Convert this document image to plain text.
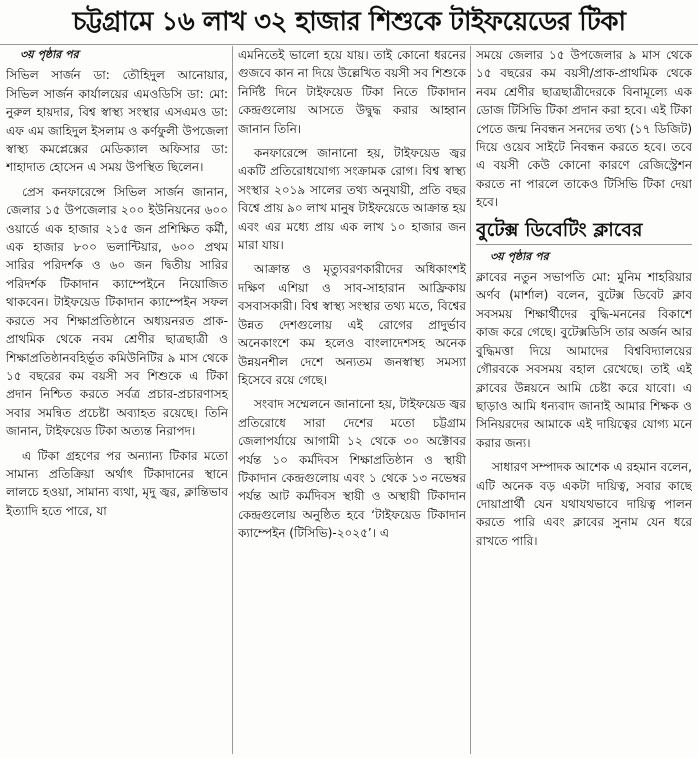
চট্টগ্রামে ১৬ লাখ ৩২ হাজার শিশুকে টাইফয়েডের টিকা
৩য় পৃষ্ঠার পর

সিভিল সার্জন ডা: তৌহিদুল আনোয়ার, সিভিল সার্জন কার্যালয়ের এমওডিসি ডা: মো: নুরুল হায়দার, বিশ্ব স্বাস্থ্য সংস্থার এসএমও ডা: এফ এম জাহিদুল ইসলাম ও কর্ণফুলী উপজেলা স্বাস্থ্য কমপ্লেক্সের মেডিক্যাল অফিসার ডা: শাহাদাত হোসেন এ সময় উপস্থিত ছিলেন।

প্রেস কনফারেন্সে সিভিল সার্জন জানান, জেলার ১৫ উপজেলার ২০০ ইউনিয়নের ৬০০ ওয়ার্ডে এক হাজার ২১৫ জন প্রশিক্ষিত কর্মী, এক হাজার ৮০০ ভলান্টিয়ার, ৬০০ প্রথম সারির পরিদর্শক ও ৬০ জন দ্বিতীয় সারির পরিদর্শক টিকাদান ক্যাম্পেইনে নিয়োজিত থাকবেন। টাইফয়েড টিকাদান ক্যাম্পেইন সফল করতে সব শিক্ষাপ্রতিষ্ঠানে অধ্যয়নরত প্রাক-প্রাথমিক থেকে নবম শ্রেণীর ছাত্রছাত্রী ও শিক্ষাপ্রতিষ্ঠানবহির্ভূত কমিউনিটির ৯ মাস থেকে ১৫ বছরের কম বয়সী সব শিশুকে এ টিকা প্রদান নিশ্চিত করতে সর্বত্র প্রচার-প্রচারণাসহ সবার সমন্বিত প্রচেষ্টা অব্যাহত রয়েছে। তিনি জানান, টাইফয়েড টিকা অত্যন্ত নিরাপদ।

এ টিকা গ্রহণের পর অন্যান্য টিকার মতো সামান্য প্রতিক্রিয়া অর্থাৎ টিকাদানের স্থানে লালচে হওয়া, সামান্য ব্যথা, মৃদু জ্বর, ক্লান্তিভাব ইত্যাদি হতে পারে, যা

এমনিতেই ভালো হয়ে যায়। তাই কোনো ধরনের গুজবে কান না দিয়ে উল্লেখিত বয়সী সব শিশুকে নির্দিষ্ট দিনে টাইফয়েড টিকা নিতে টিকাদান কেন্দ্রগুলোয় আসতে উদ্বুদ্ধ করার আহ্বান জানান তিনি।

কনফারেন্সে জানানো হয়, টাইফয়েড জ্বর একটি প্রতিরোধযোগ্য সংক্রামক রোগ। বিশ্ব স্বাস্থ্য সংস্থার ২০১৯ সালের তথ্য অনুযায়ী, প্রতি বছর বিশ্বে প্রায় ৯০ লাখ মানুষ টাইফয়েডে আক্রান্ত হয় এবং এর মধ্যে প্রায় এক লাখ ১০ হাজার জন মারা যায়।

আক্রান্ত ও মৃত্যুবরণকারীদের অধিকাংশই দক্ষিণ এশিয়া ও সাব-সাহারান আফ্রিকায় বসবাসকারী। বিশ্ব স্বাস্থ্য সংস্থার তথ্য মতে, বিশ্বের উন্নত দেশগুলোয় এই রোগের প্রাদুর্ভাব অনেকাংশে কম হলেও বাংলাদেশসহ অনেক উন্নয়নশীল দেশে অন্যতম জনস্বাস্থ্য সমস্যা হিসেবে রয়ে গেছে।

সংবাদ সম্মেলনে জানানো হয়, টাইফয়েড জ্বর প্রতিরোধে সারা দেশের মতো চট্টগ্রাম জেলাপর্যায়ে আগামী ১২ থেকে ৩০ অক্টোবর পর্যন্ত ১০ কর্মদিবস শিক্ষাপ্রতিষ্ঠান ও স্থায়ী টিকাদান কেন্দ্রগুলোয় এবং ১ থেকে ১৩ নভেম্বর পর্যন্ত আট কর্মদিবস স্থায়ী ও অস্থায়ী টিকাদান কেন্দ্রগুলোয় অনুষ্ঠিত হবে ‘টাইফয়েড টিকাদান ক্যাম্পেইন (টিসিভি)-২০২৫’। এ

সময়ে জেলার ১৫ উপজেলার ৯ মাস থেকে ১৫ বছরের কম বয়সী/প্রাক-প্রাথমিক থেকে নবম শ্রেণীর ছাত্রছাত্রীদেরকে বিনামূল্যে এক ডোজ টিসিভি টিকা প্রদান করা হবে। এই টিকা পেতে জন্ম নিবন্ধন সনদের তথ্য (১৭ ডিজিট) দিয়ে ওয়েব সাইটে নিবন্ধন করতে হবে। তবে এ বয়সী কেউ কোনো কারণে রেজিস্ট্রেশন করতে না পারলে তাকেও টিসিভি টিকা দেয়া হবে।

বুটেক্স ডিবেটিং ক্লাবের
৩য় পৃষ্ঠার পর

ক্লাবের নতুন সভাপতি মো: মুনিম শাহরিয়ার অর্ণব (মার্শাল) বলেন, বুটেক্স ডিবেট ক্লাব সবসময় শিক্ষার্থীদের বুদ্ধি-মননের বিকাশে কাজ করে গেছে। বুটেক্সডিসি তার অর্জন আর বুদ্ধিমত্তা দিয়ে আমাদের বিশ্ববিদ্যালয়ের গৌরবকে সবসময় বহাল রেখেছে। তাই এই ক্লাবের উন্নয়নে আমি চেষ্টা করে যাবো। এ ছাড়াও আমি ধন্যবাদ জানাই আমার শিক্ষক ও সিনিয়রদের আমাকে এই দায়িত্বের যোগ্য মনে করার জন্য।

সাধারণ সম্পাদক আশেক এ রহমান বলেন, এটি অনেক বড় একটা দায়িত্ব, সবার কাছে দোয়াপ্রার্থী যেন যথাযথভাবে দায়িত্ব পালন করতে পারি এবং ক্লাবের সুনাম যেন ধরে রাখতে পারি।
